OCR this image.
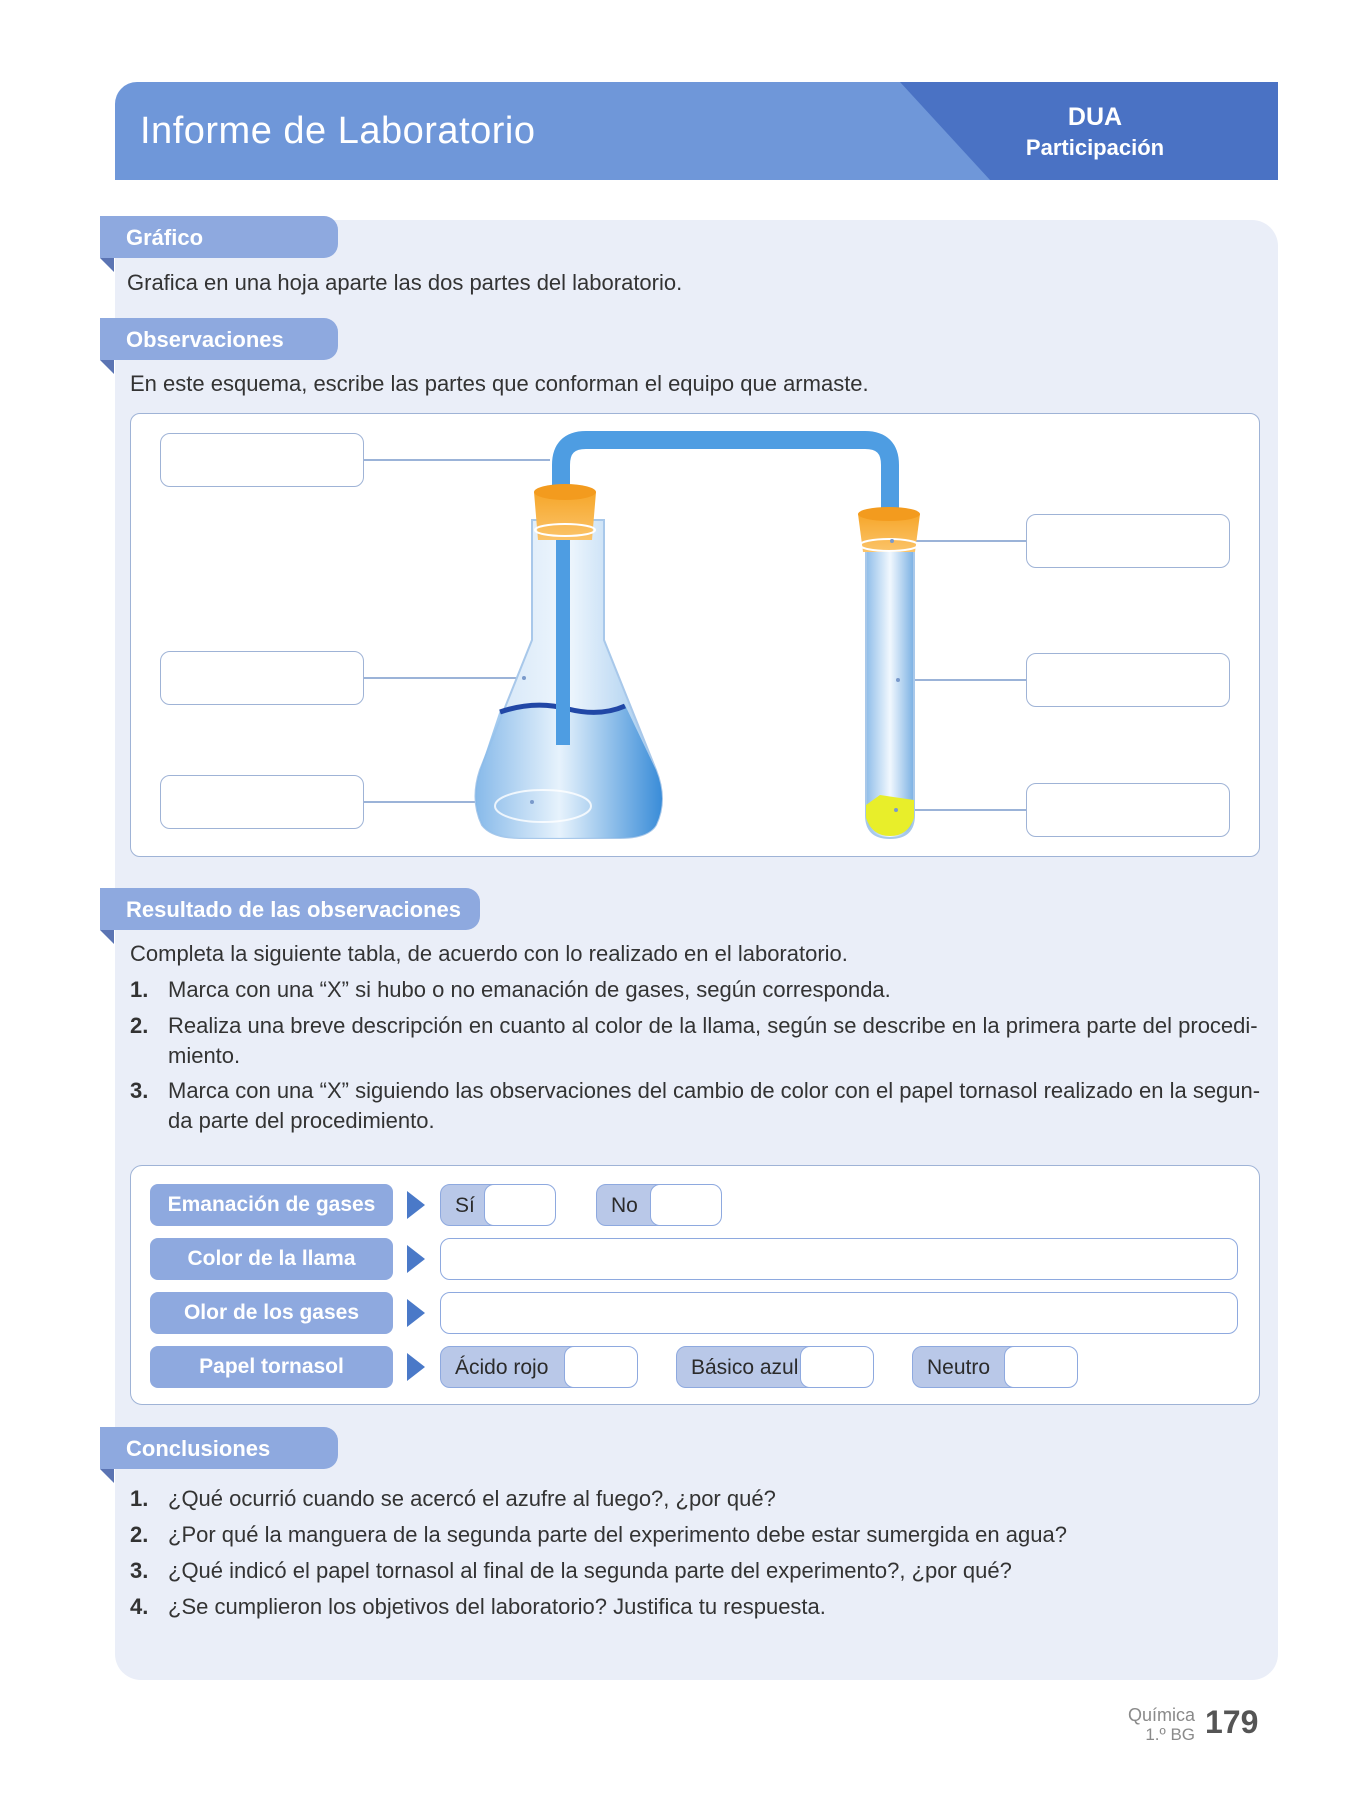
Informe de Laboratorio	DUA
Participación
Gráfico
Grafica en una hoja aparte las dos partes del laboratorio.
Observaciones
En este esquema, escribe las partes que conforman el equipo que armaste.
Resultado de las observaciones
Completa la siguiente tabla, de acuerdo con lo realizado en el laboratorio.
1. Marca con una “X” si hubo o no emanación de gases, según corresponda.
2. Realiza una breve descripción en cuanto al color de la llama, según se describe en la primera parte del procedi-
miento.
3. Marca con una “X” siguiendo las observaciones del cambio de color con el papel tornasol realizado en la segun-
da parte del procedimiento.
Emanación de gases	Sí	No
Color de la llama
Olor de los gases
Papel tornasol	Ácido rojo	Básico azul	Neutro
Conclusiones
1. ¿Qué ocurrió cuando se acercó el azufre al fuego?, ¿por qué?
2. ¿Por qué la manguera de la segunda parte del experimento debe estar sumergida en agua?
3. ¿Qué indicó el papel tornasol al final de la segunda parte del experimento?, ¿por qué?
4. ¿Se cumplieron los objetivos del laboratorio? Justifica tu respuesta.
Química
1.º BG 179
